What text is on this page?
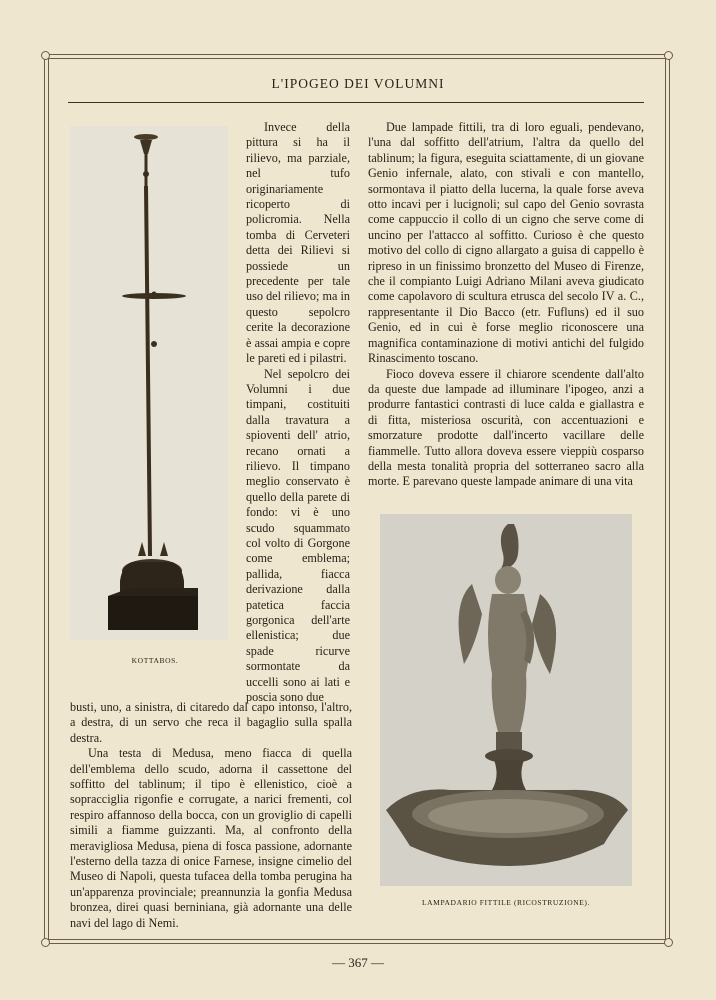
L'IPOGEO DEI VOLUMNI
KOTTABOS.

Invece della pittura si ha il rilievo, ma parziale, nel tufo originariamente ricoperto di policromia. Nella tomba di Cerveteri detta dei Rilievi si possiede un precedente per tale uso del rilievo; ma in questo sepolcro cerite la decorazione è assai ampia e copre le pareti ed i pilastri.

Nel sepolcro dei Volumni i due timpani, costituiti dalla travatura a spioventi dell' atrio, recano ornati a rilievo. Il timpano meglio conservato è quello della parete di fondo: vi è uno scudo squammato col volto di Gorgone come emblema; pallida, fiacca derivazione dalla patetica faccia gorgonica dell'arte ellenistica; due spade ricurve sormontate da uccelli sono ai lati e poscia sono due

busti, uno, a sinistra, di citaredo dal capo intonso, l'altro, a destra, di un servo che reca il bagaglio sulla spalla destra.

Una testa di Medusa, meno fiacca di quella dell'emblema dello scudo, adorna il cassettone del soffitto del tablinum; il tipo è ellenistico, cioè a sopracciglia rigonfie e corrugate, a narici frementi, col respiro affannoso della bocca, con un groviglio di capelli simili a fiamme guizzanti. Ma, al confronto della meravigliosa Medusa, piena di fosca passione, adornante l'esterno della tazza di onice Farnese, insigne cimelio del Museo di Napoli, questa tufacea della tomba perugina ha un'apparenza provinciale; preannunzia la gonfia Medusa bronzea, direi quasi berniniana, già adornante una delle navi del lago di Nemi.

Due lampade fittili, tra di loro eguali, pendevano, l'una dal soffitto dell'atrium, l'altra da quello del tablinum; la figura, eseguita sciattamente, di un giovane Genio infernale, alato, con stivali e con mantello, sormontava il piatto della lucerna, la quale forse aveva otto incavi per i lucignoli; sul capo del Genio sovrasta come cappuccio il collo di un cigno che serve come di uncino per l'attacco al soffitto. Curioso è che questo motivo del collo di cigno allargato a guisa di cappello è ripreso in un finissimo bronzetto del Museo di Firenze, che il compianto Luigi Adriano Milani aveva giudicato come capolavoro di scultura etrusca del secolo IV a. C., rappresentante il Dio Bacco (etr. Fufluns) ed il suo Genio, ed in cui è forse meglio riconoscere una magnifica contaminazione di motivi antichi del fulgido Rinascimento toscano.

Fioco doveva essere il chiarore scendente dall'alto da queste due lampade ad illuminare l'ipogeo, anzi a produrre fantastici contrasti di luce calda e giallastra e di fitta, misteriosa oscurità, con accentuazioni e smorzature prodotte dall'incerto vacillare delle fiammelle. Tutto allora doveva essere vieppiù cosparso della mesta tonalità propria del sotterraneo sacro alla morte. E parevano queste lampade animare di una vita

LAMPADARIO FITTILE (RICOSTRUZIONE).
— 367 —
